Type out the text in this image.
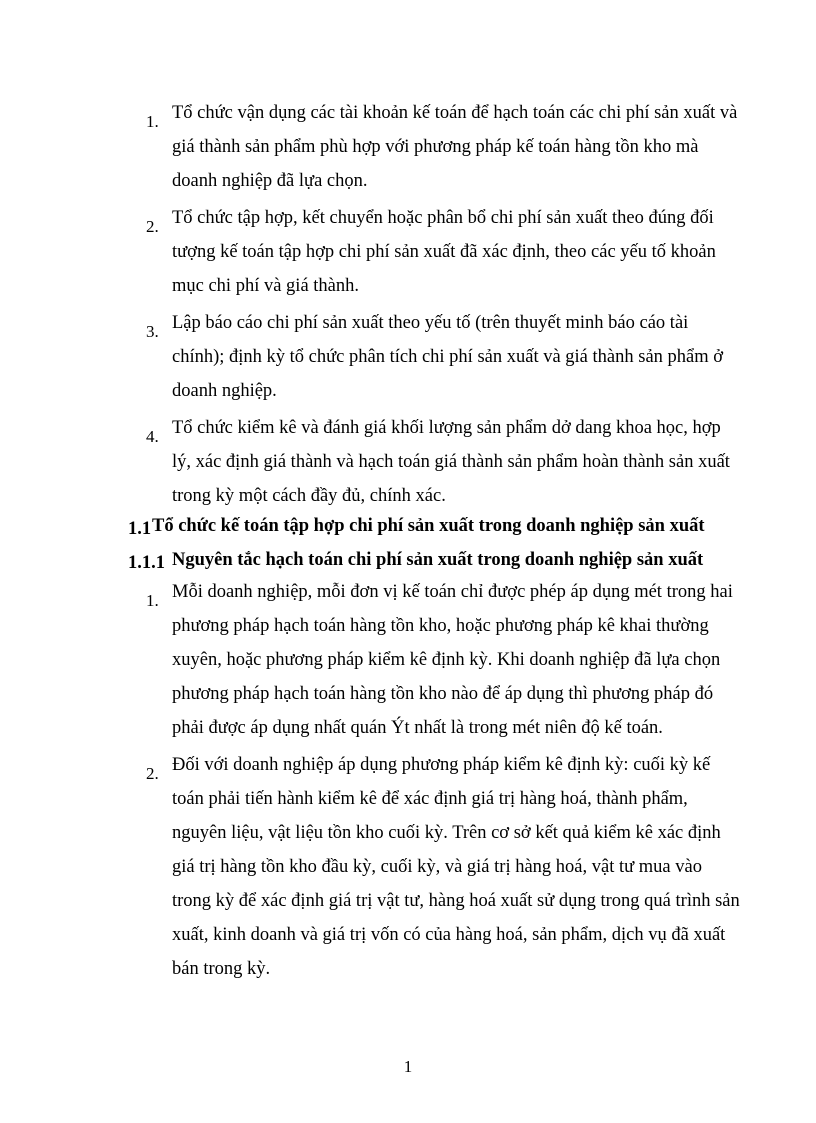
1. Tổ chức vận dụng các tài khoản kế toán để hạch toán các chi phí sản xuất và giá thành sản phẩm phù hợp với phương pháp kế toán hàng tồn kho mà doanh nghiệp đã lựa chọn.
2. Tổ chức tập hợp, kết chuyển hoặc phân bổ chi phí sản xuất theo đúng đối tượng kế toán tập hợp chi phí sản xuất đã xác định, theo các yếu tố khoản mục chi phí và giá thành.
3. Lập báo cáo chi phí sản xuất theo yếu tố (trên thuyết minh báo cáo tài chính); định kỳ tổ chức phân tích chi phí sản xuất và giá thành sản phẩm ở doanh nghiệp.
4. Tổ chức kiểm kê và đánh giá khối lượng sản phẩm dở dang khoa học, hợp lý, xác định giá thành và hạch toán giá thành sản phẩm hoàn thành sản xuất trong kỳ một cách đầy đủ, chính xác.
1.1Tổ chức kế toán tập hợp chi phí sản xuất trong doanh nghiệp sản xuất
1.1.1 Nguyên tắc hạch toán chi phí sản xuất trong doanh nghiệp sản xuất
1. Mỗi doanh nghiệp, mỗi đơn vị kế toán chỉ được phép áp dụng mét trong hai phương pháp hạch toán hàng tồn kho, hoặc phương pháp kê khai thường xuyên, hoặc phương pháp kiểm kê định kỳ. Khi doanh nghiệp đã lựa chọn phương pháp hạch toán hàng tồn kho nào để áp dụng thì phương pháp đó phải được áp dụng nhất quán Ýt nhất là trong mét niên độ kế toán.
2. Đối với doanh nghiệp áp dụng phương pháp kiểm kê định kỳ: cuối kỳ kế toán phải tiến hành kiểm kê để xác định giá trị hàng hoá, thành phẩm, nguyên liệu, vật liệu tồn kho cuối kỳ. Trên cơ sở kết quả kiểm kê xác định giá trị hàng tồn kho đầu kỳ, cuối kỳ, và giá trị hàng hoá, vật tư mua vào trong kỳ để xác định giá trị vật tư, hàng hoá xuất sử dụng trong quá trình sản xuất, kinh doanh và giá trị vốn có của hàng hoá, sản phẩm, dịch vụ đã xuất bán trong kỳ.
1
